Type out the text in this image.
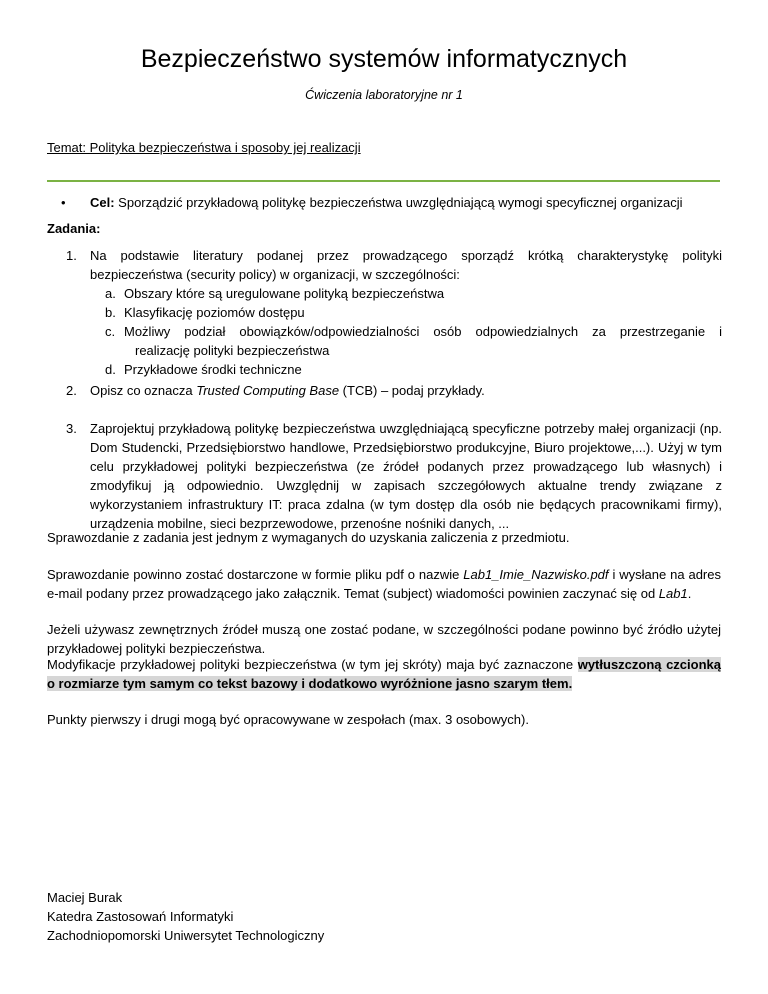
Bezpieczeństwo systemów informatycznych
Ćwiczenia laboratoryjne nr 1
Temat: Polityka bezpieczeństwa i sposoby jej realizacji
• Cel: Sporządzić przykładową politykę bezpieczeństwa uwzględniającą wymogi specyficznej organizacji
Zadania:
1. Na podstawie literatury podanej przez prowadzącego sporządź krótką charakterystykę polityki
bezpieczeństwa (security policy) w organizacji, w szczególności:
a. Obszary które są uregulowane polityką bezpieczeństwa
b. Klasyfikację poziomów dostępu
c. Możliwy podział obowiązków/odpowiedzialności osób odpowiedzialnych za przestrzeganie i
realizację polityki bezpieczeństwa
d. Przykładowe środki techniczne
2. Opisz co oznacza Trusted Computing Base (TCB) – podaj przykłady.
3. Zaprojektuj przykładową politykę bezpieczeństwa uwzględniającą specyficzne potrzeby małej organizacji (np. Dom Studencki, Przedsiębiorstwo handlowe, Przedsiębiorstwo produkcyjne, Biuro projektowe,...). Użyj w tym celu przykładowej polityki bezpieczeństwa (ze źródeł podanych przez prowadzącego lub własnych) i zmodyfikuj ją odpowiednio. Uwzględnij w zapisach szczegółowych aktualne trendy związane z wykorzystaniem infrastruktury IT: praca zdalna (w tym dostęp dla osób nie będących pracownikami firmy), urządzenia mobilne, sieci bezprzewodowe, przenośne nośniki danych, ...
Sprawozdanie z zadania jest jednym z wymaganych do uzyskania zaliczenia z przedmiotu.
Sprawozdanie powinno zostać dostarczone w formie pliku pdf o nazwie Lab1_Imie_Nazwisko.pdf i wysłane na adres e-mail podany przez prowadzącego jako załącznik. Temat (subject) wiadomości powinien zaczynać się od Lab1.
Jeżeli używasz zewnętrznych źródeł muszą one zostać podane, w szczególności podane powinno być źródło użytej przykładowej polityki bezpieczeństwa.
Modyfikacje przykładowej polityki bezpieczeństwa (w tym jej skróty) maja być zaznaczone wytłuszczoną czcionką o rozmiarze tym samym co tekst bazowy i dodatkowo wyróżnione jasno szarym tłem.
Punkty pierwszy i drugi mogą być opracowywane w zespołach (max. 3 osobowych).
Maciej Burak
Katedra Zastosowań Informatyki
Zachodniopomorski Uniwersytet Technologiczny
